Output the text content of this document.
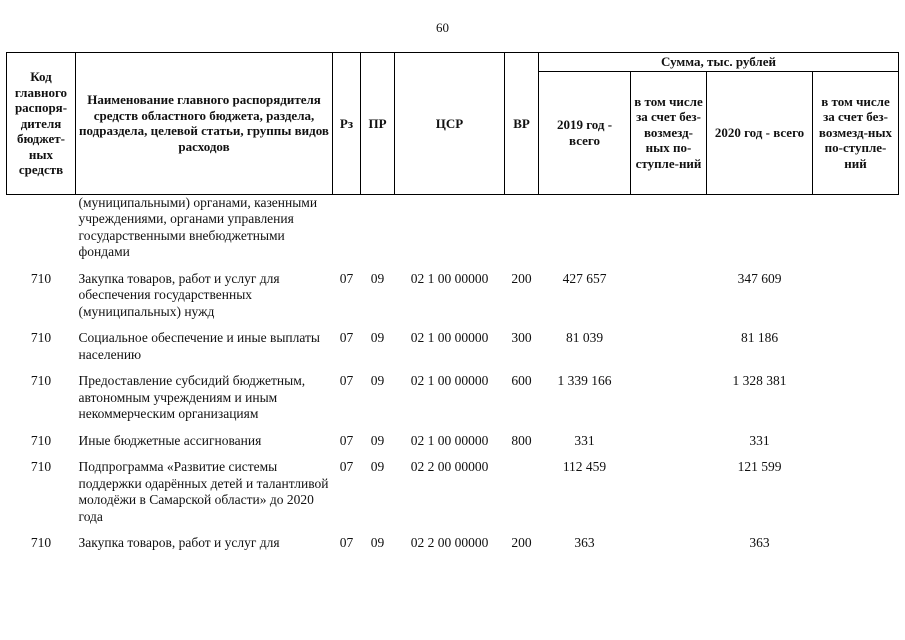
60
Код главного распоря-дителя бюджет-ных средств	Наименование главного распорядителя средств областного бюджета, раздела, подраздела, целевой статьи, группы видов расходов	Рз	ПР	ЦСР	ВР	Сумма, тыс. рублей			
						2019 год - всего	в том числе за счет без-возмезд-ных по-ступле-ний	2020 год - всего	в том числе за счет без-возмезд-ных по-ступле-ний
	(муниципальными) органами, казенными учреждениями, органами управления государственными внебюджетными фондами								

710	Закупка товаров, работ и услуг для обеспечения государственных (муниципальных) нужд	07	09	02 1 00 00000	200	427 657		347 609	

710	Социальное обеспечение и иные выплаты населению	07	09	02 1 00 00000	300	81 039		81 186	

710	Предоставление субсидий бюджетным, автономным учреждениям и иным некоммерческим организациям	07	09	02 1 00 00000	600	1 339 166		1 328 381	

710	Иные бюджетные ассигнования	07	09	02 1 00 00000	800	331		331	

710	Подпрограмма «Развитие системы поддержки одарённых детей и талантливой молодёжи в Самарской области» до 2020 года	07	09	02 2 00 00000		112 459		121 599	

710	Закупка товаров, работ и услуг для	07	09	02 2 00 00000	200	363		363	
